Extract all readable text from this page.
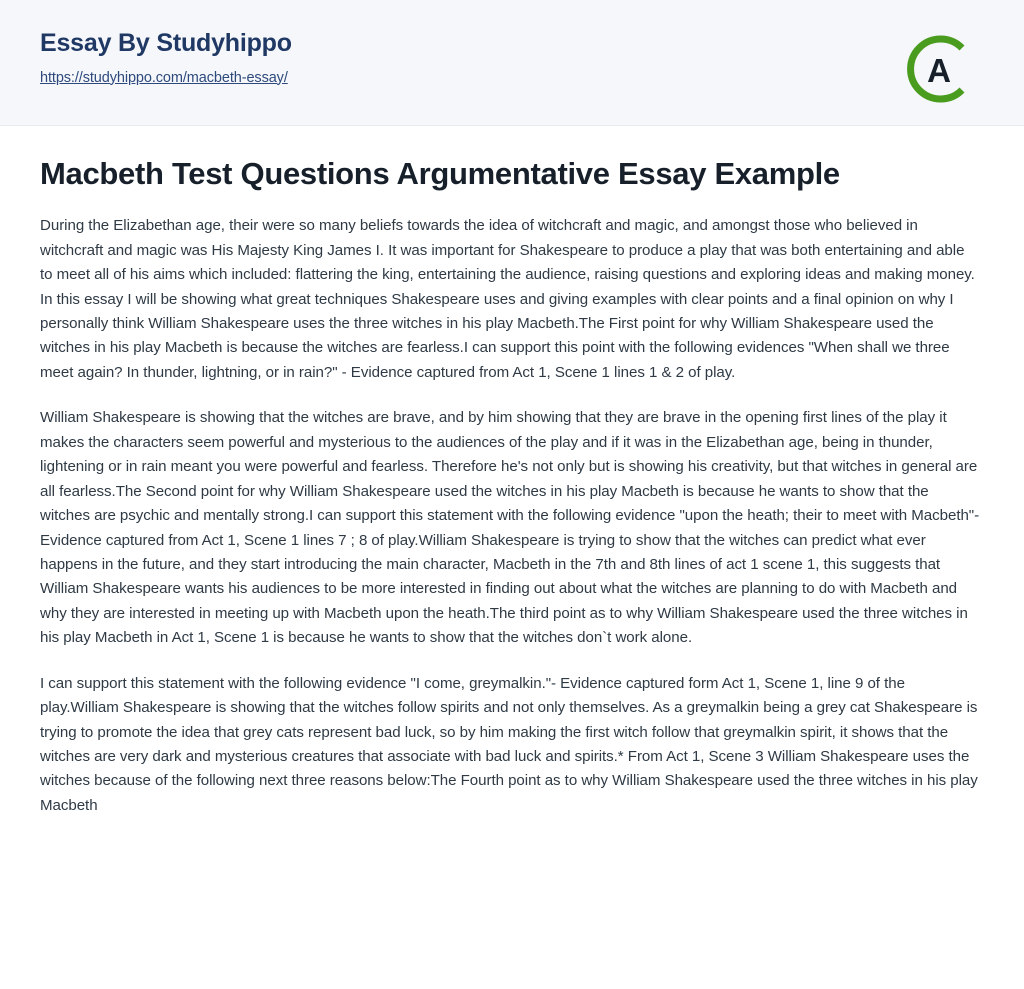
Essay By Studyhippo
https://studyhippo.com/macbeth-essay/	A
Macbeth Test Questions Argumentative Essay Example

During the Elizabethan age, their were so many beliefs towards the idea of witchcraft and magic, and amongst those who believed in witchcraft and magic was His Majesty King James I. It was important for Shakespeare to produce a play that was both entertaining and able to meet all of his aims which included: flattering the king, entertaining the audience, raising questions and exploring ideas and making money. In this essay I will be showing what great techniques Shakespeare uses and giving examples with clear points and a final opinion on why I personally think William Shakespeare uses the three witches in his play Macbeth.The First point for why William Shakespeare used the witches in his play Macbeth is because the witches are fearless.I can support this point with the following evidences "When shall we three meet again? In thunder, lightning, or in rain?" - Evidence captured from Act 1, Scene 1 lines 1 & 2 of play.

William Shakespeare is showing that the witches are brave, and by him showing that they are brave in the opening first lines of the play it makes the characters seem powerful and mysterious to the audiences of the play and if it was in the Elizabethan age, being in thunder, lightening or in rain meant you were powerful and fearless. Therefore he's not only but is showing his creativity, but that witches in general are all fearless.The Second point for why William Shakespeare used the witches in his play Macbeth is because he wants to show that the witches are psychic and mentally strong.I can support this statement with the following evidence "upon the heath; their to meet with Macbeth"-Evidence captured from Act 1, Scene 1 lines 7 ; 8 of play.William Shakespeare is trying to show that the witches can predict what ever happens in the future, and they start introducing the main character, Macbeth in the 7th and 8th lines of act 1 scene 1, this suggests that William Shakespeare wants his audiences to be more interested in finding out about what the witches are planning to do with Macbeth and why they are interested in meeting up with Macbeth upon the heath.The third point as to why William Shakespeare used the three witches in his play Macbeth in Act 1, Scene 1 is because he wants to show that the witches don`t work alone.

I can support this statement with the following evidence "I come, greymalkin."- Evidence captured form Act 1, Scene 1, line 9 of the play.William Shakespeare is showing that the witches follow spirits and not only themselves. As a greymalkin being a grey cat Shakespeare is trying to promote the idea that grey cats represent bad luck, so by him making the first witch follow that greymalkin spirit, it shows that the witches are very dark and mysterious creatures that associate with bad luck and spirits.* From Act 1, Scene 3 William Shakespeare uses the witches because of the following next three reasons below:The Fourth point as to why William Shakespeare used the three witches in his play Macbeth
